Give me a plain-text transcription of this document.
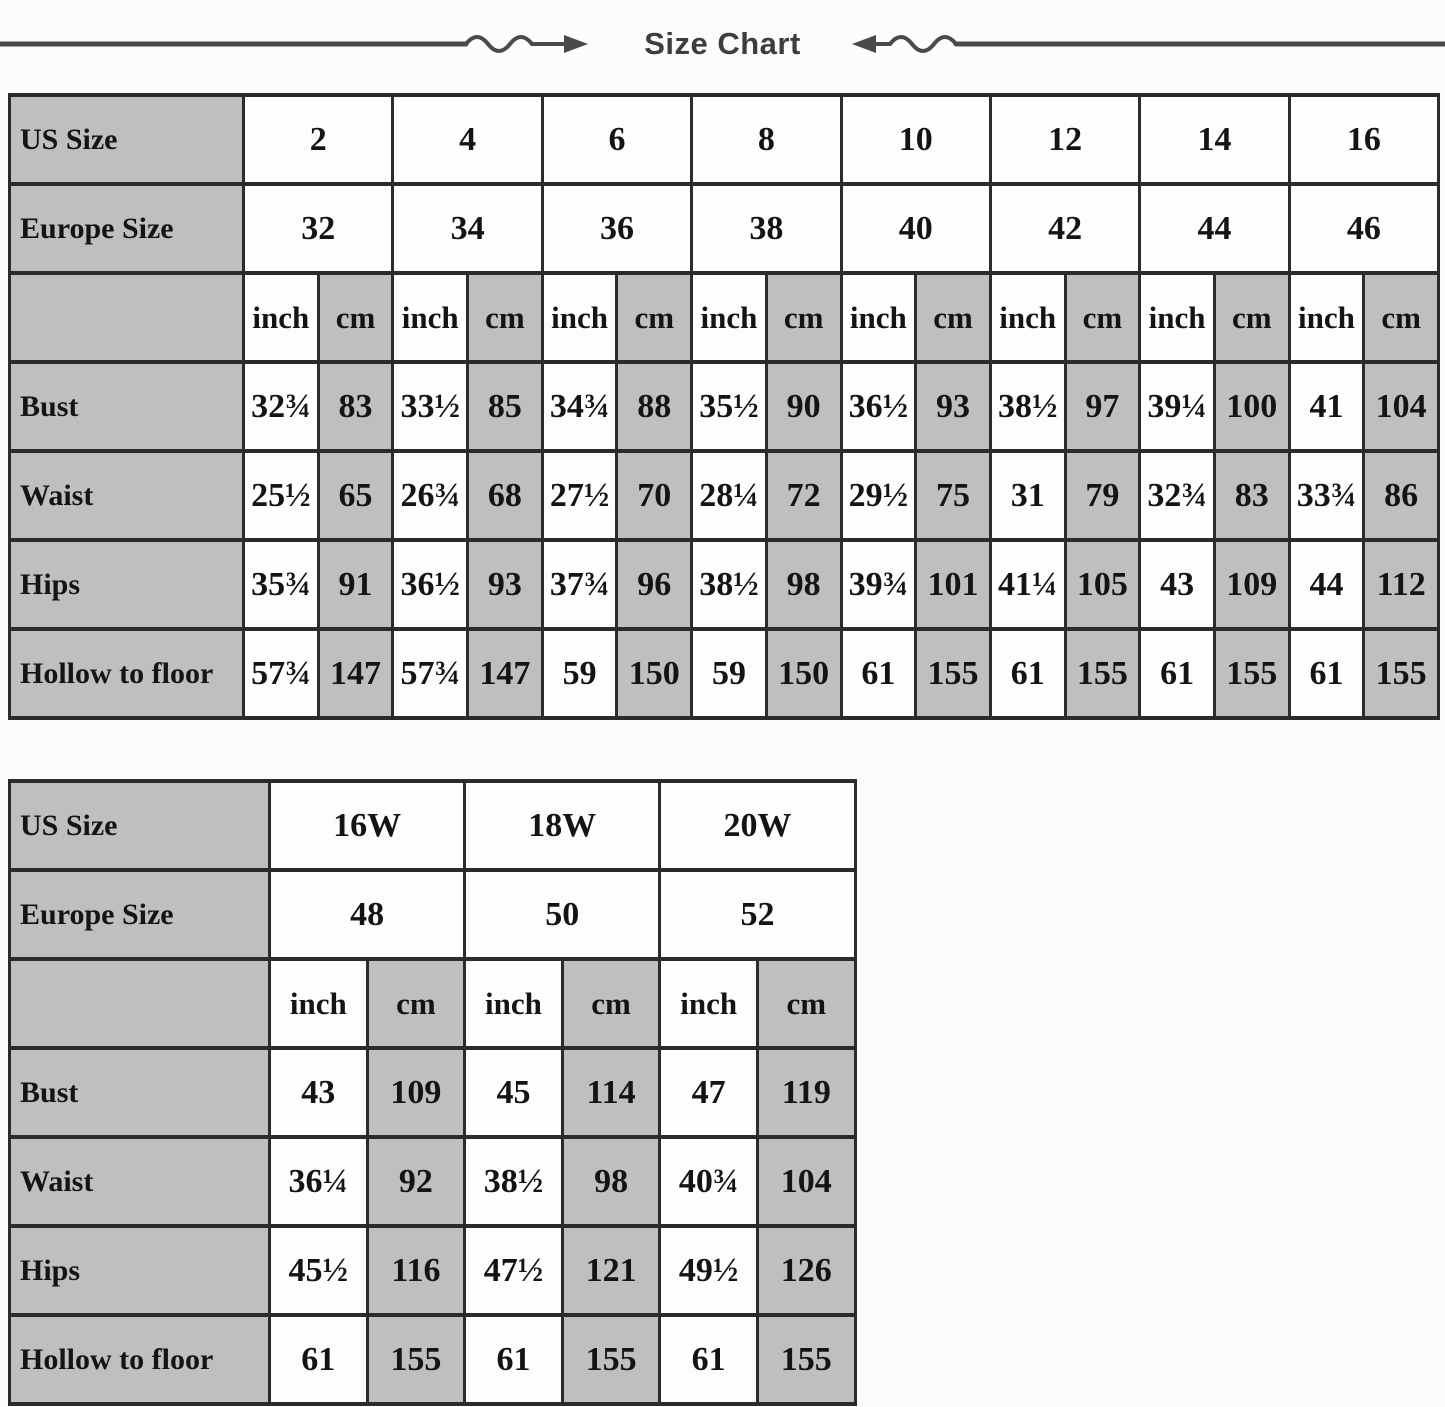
Size Chart
US Size	2		4		6		8		10		12		14		16	
Europe Size	32		34		36		38		40		42		44		46	
	inch	cm	inch	cm	inch	cm	inch	cm	inch	cm	inch	cm	inch	cm	inch	cm
Bust	32¾	83	33½	85	34¾	88	35½	90	36½	93	38½	97	39¼	100	41	104
Waist	25½	65	26¾	68	27½	70	28¼	72	29½	75	31	79	32¾	83	33¾	86
Hips	35¾	91	36½	93	37¾	96	38½	98	39¾	101	41¼	105	43	109	44	112
Hollow to floor	57¾	147	57¾	147	59	150	59	150	61	155	61	155	61	155	61	155
US Size	16W		18W		20W	
Europe Size	48		50		52	
	inch	cm	inch	cm	inch	cm
Bust	43	109	45	114	47	119
Waist	36¼	92	38½	98	40¾	104
Hips	45½	116	47½	121	49½	126
Hollow to floor	61	155	61	155	61	155
